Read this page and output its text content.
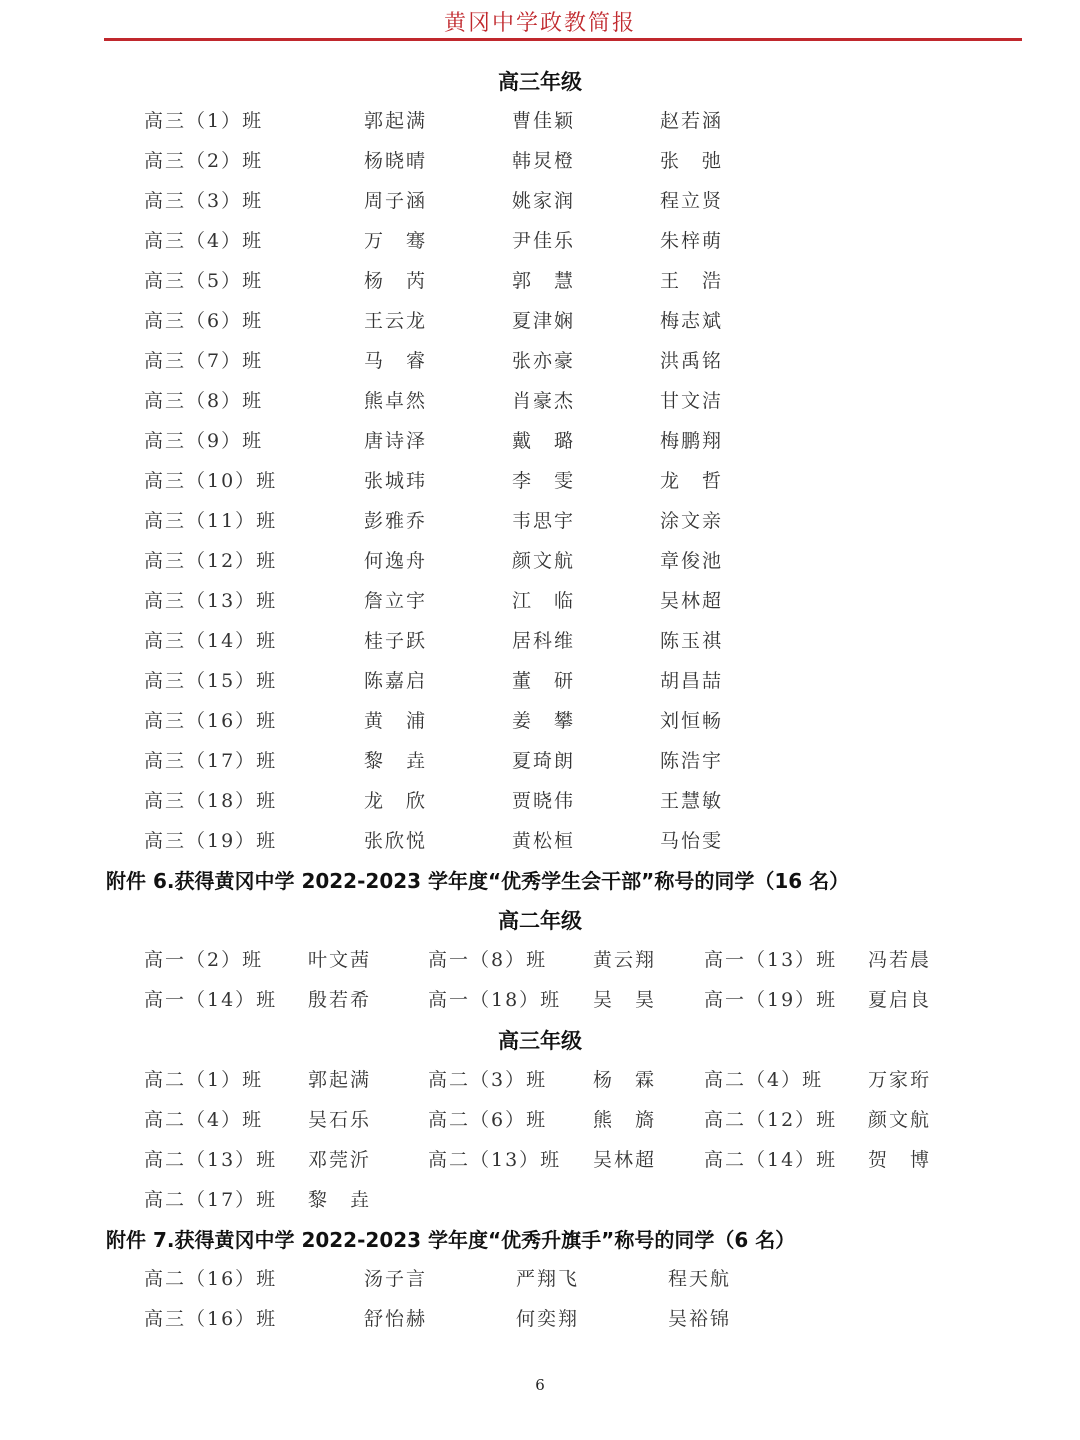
黄冈中学政教简报
高三年级
高三（1）班	郭起满	曹佳颖	赵若涵
高三（2）班	杨晓晴	韩炅橙	张　弛
高三（3）班	周子涵	姚家润	程立贤
高三（4）班	万　骞	尹佳乐	朱梓萌
高三（5）班	杨　芮	郭　慧	王　浩
高三（6）班	王云龙	夏津娴	梅志斌
高三（7）班	马　睿	张亦豪	洪禹铭
高三（8）班	熊卓然	肖豪杰	甘文洁
高三（9）班	唐诗泽	戴　璐	梅鹏翔
高三（10）班	张城玮	李　雯	龙　哲
高三（11）班	彭雅乔	韦思宇	涂文亲
高三（12）班	何逸舟	颜文航	章俊池
高三（13）班	詹立宇	江　临	吴林超
高三（14）班	桂子跃	居科维	陈玉祺
高三（15）班	陈嘉启	董　研	胡昌喆
高三（16）班	黄　浦	姜　攀	刘恒畅
高三（17）班	黎　垚	夏琦朗	陈浩宇
高三（18）班	龙　欣	贾晓伟	王慧敏
高三（19）班	张欣悦	黄松桓	马怡雯
附件 6.获得黄冈中学 2022-2023 学年度“优秀学生会干部”称号的同学（16 名）
高二年级
高一（2）班 叶文茜	高一（8）班 黄云翔	高一（13）班 冯若晨
高一（14）班 殷若希	高一（18）班 吴　昊	高一（19）班 夏启良
高三年级
高二（1）班 郭起满	高二（3）班 杨　霖	高二（4）班 万家珩
高二（4）班 吴石乐	高二（6）班 熊　旖	高二（12）班 颜文航
高二（13）班 邓莞沂	高二（13）班 吴林超	高二（14）班 贺　博
高二（17）班 黎　垚
附件 7.获得黄冈中学 2022-2023 学年度“优秀升旗手”称号的同学（6 名）
高二（16）班	汤子言	严翔飞	程天航
高三（16）班	舒怡赫	何奕翔	吴裕锦
6
